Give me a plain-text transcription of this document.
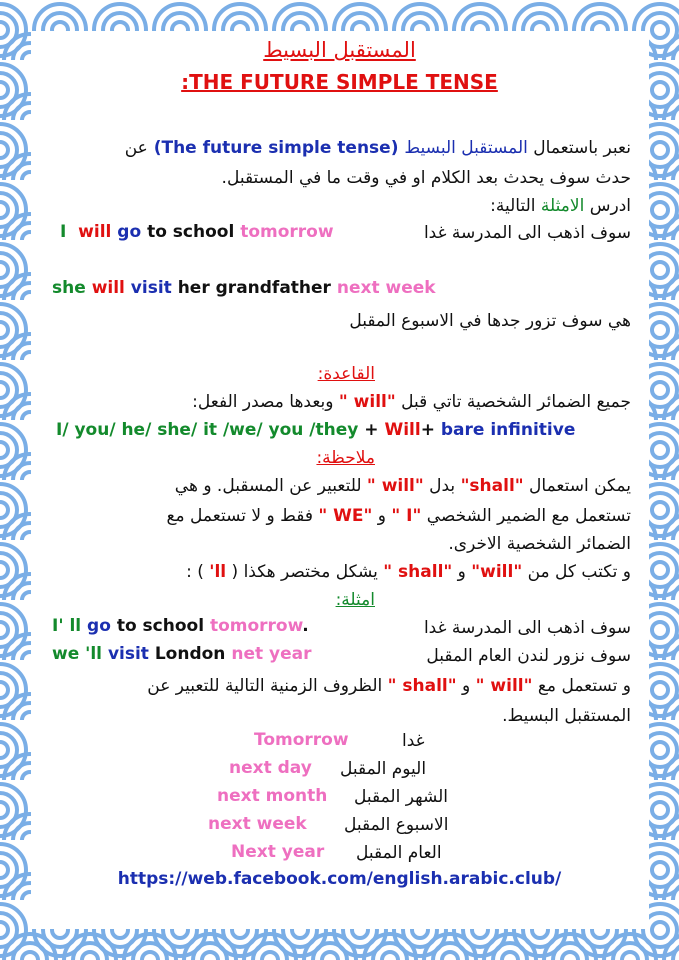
المستقبل البسيط
:THE FUTURE SIMPLE TENSE
نعبر باستعمال المستقبل البسيط (The future simple tense) عن
حدث سوف يحدث بعد الكلام او في وقت ما في المستقبل.
ادرس الامثلة التالية:
سوف اذهب الى المدرسة غدا
I will go to school tomorrow
she will visit her grandfather next week
هي سوف تزور جدها في الاسبوع المقبل
القاعدة:
جميع الضمائر الشخصية تاتي قبل " will" وبعدها مصدر الفعل:
I/ you/ he/ she/ it /we/ you /they + Will+ bare infinitive
ملاحظة:
يمكن استعمال "shall" بدل " will" للتعبير عن المسقبل. و هي
تستعمل مع الضمير الشخصي " I" و " WE" فقط و لا تستعمل مع
الضمائر الشخصية الاخرى.
و تكتب كل من "will" و " shall" يشكل مختصر هكذا ( 'll ) :
امثلة:
سوف اذهب الى المدرسة غدا
I' ll go to school tomorrow.
سوف نزور لندن العام المقبل
we 'll visit London net year
و تستعمل مع " will" و " shall" الظروف الزمنية التالية للتعبير عن
المستقبل البسيط.
Tomorrow	غدا
next day اليوم المقبل
next month الشهر المقبل
next week الاسبوع المقبل
Next year العام المقبل
https://web.facebook.com/english.arabic.club/
